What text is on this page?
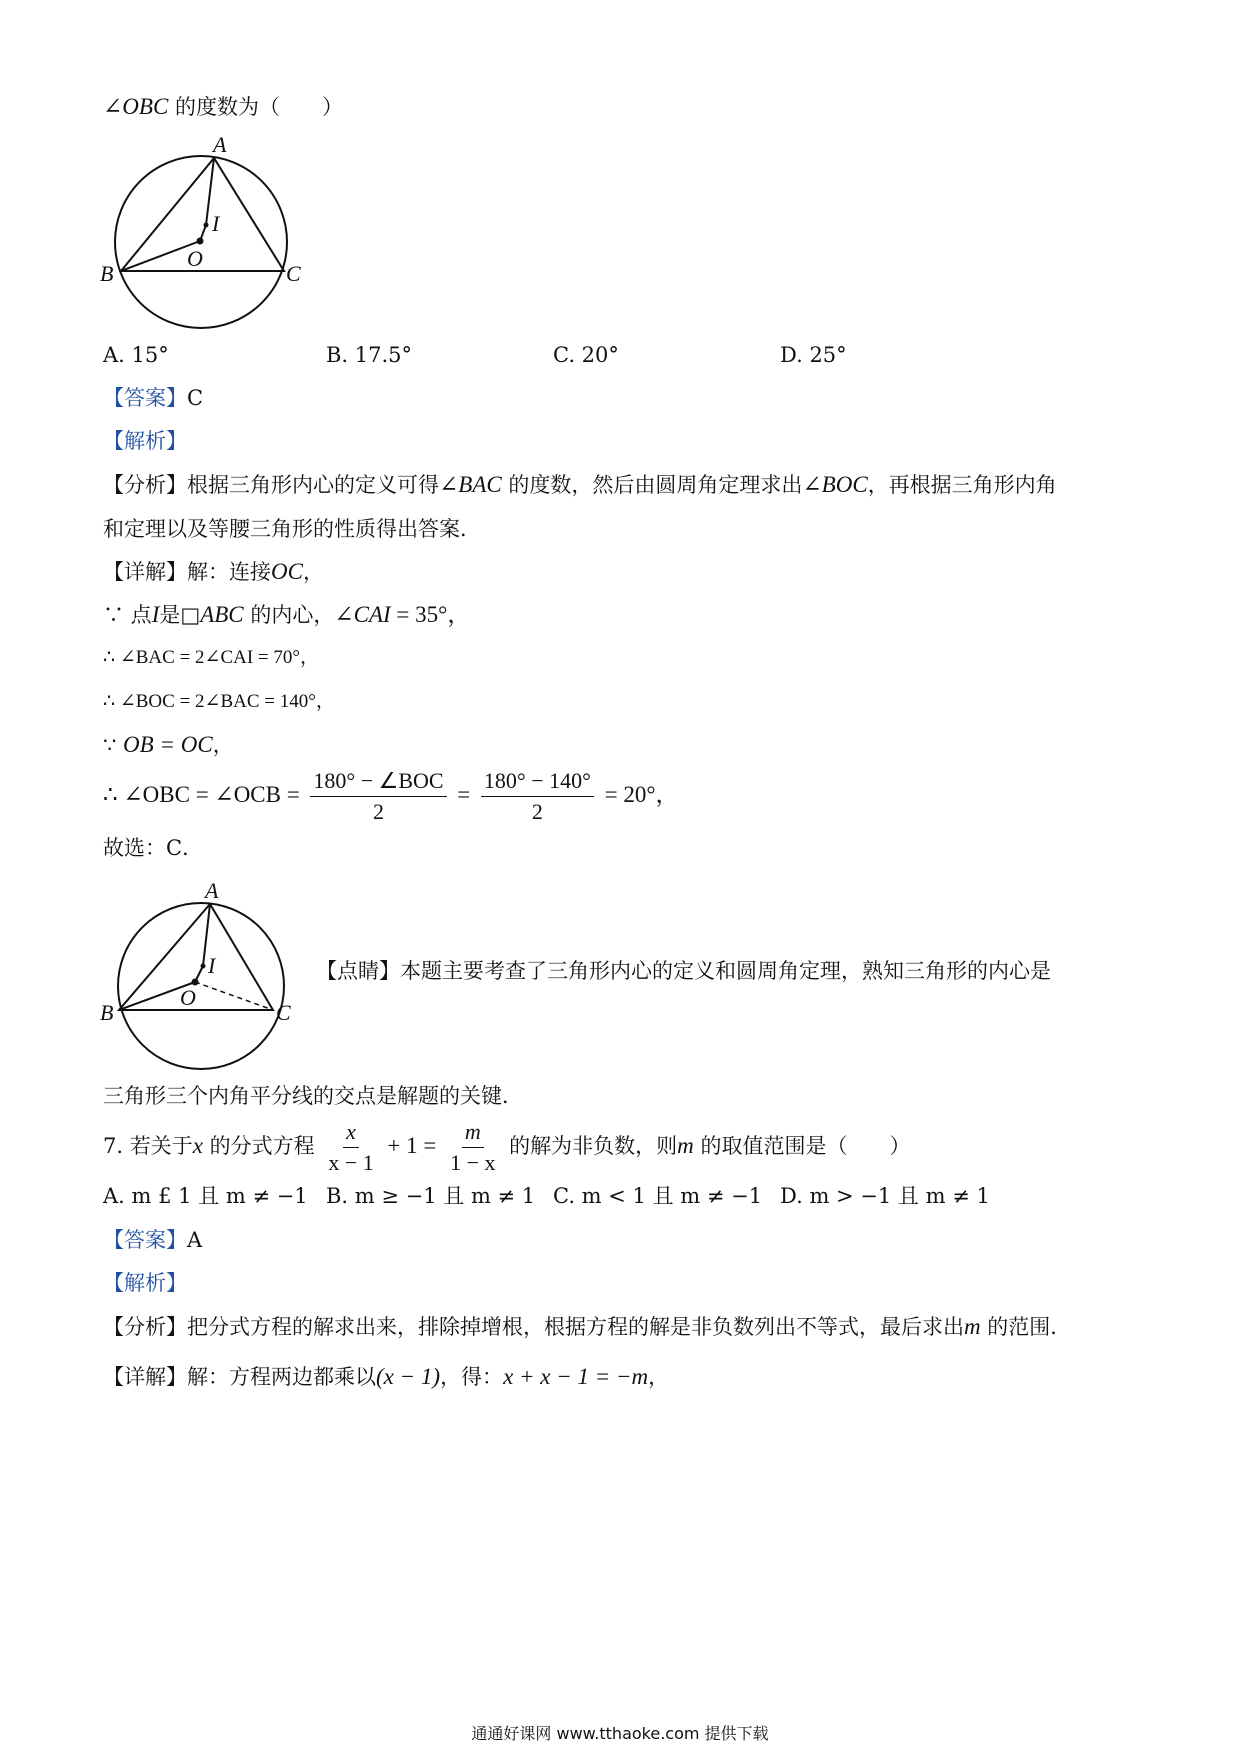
∠OBC 的度数为（　　）
A
I
O
B	C
A. 15°	B. 17.5°	C. 20°	D. 25°
【答案】C
【解析】
【分析】根据三角形内心的定义可得∠BAC 的度数，然后由圆周角定理求出∠BOC，再根据三角形内角
和定理以及等腰三角形的性质得出答案．
【详解】解：连接OC，
∵ 点I是□ABC 的内心，∠CAI = 35°，
∴ ∠BAC = 2∠CAI = 70°，
∴ ∠BOC = 2∠BAC = 140°，
∵ OB = OC，
∴ ∠OBC = ∠OCB = $\frac{\text{180° − ∠BOC}}{2} = \frac{180^\circ - 140^\circ}{2} = 20^\circ$，
故选：C．
A
I
O
B	C
【点睛】本题主要考查了三角形内心的定义和圆周角定理，熟知三角形的内心是
三角形三个内角平分线的交点是解题的关键．
7. 若关于x 的分式方程 $\frac{x}{x - 1} + 1 = \frac{m}{1 - x}$ 的解为非负数，则m 的取值范围是（　　）
A. m £ 1 且 m ≠ −1 B. m ≥ −1 且 m ≠ 1 C. m < 1 且 m ≠ −1 D. m > −1 且 m ≠ 1
【答案】A
【解析】
【分析】把分式方程的解求出来，排除掉增根，根据方程的解是非负数列出不等式，最后求出m 的范围．
【详解】解：方程两边都乘以(x − 1)，得：x + x − 1 = −m，
通通好课网 www.tthaoke.com 提供下载
